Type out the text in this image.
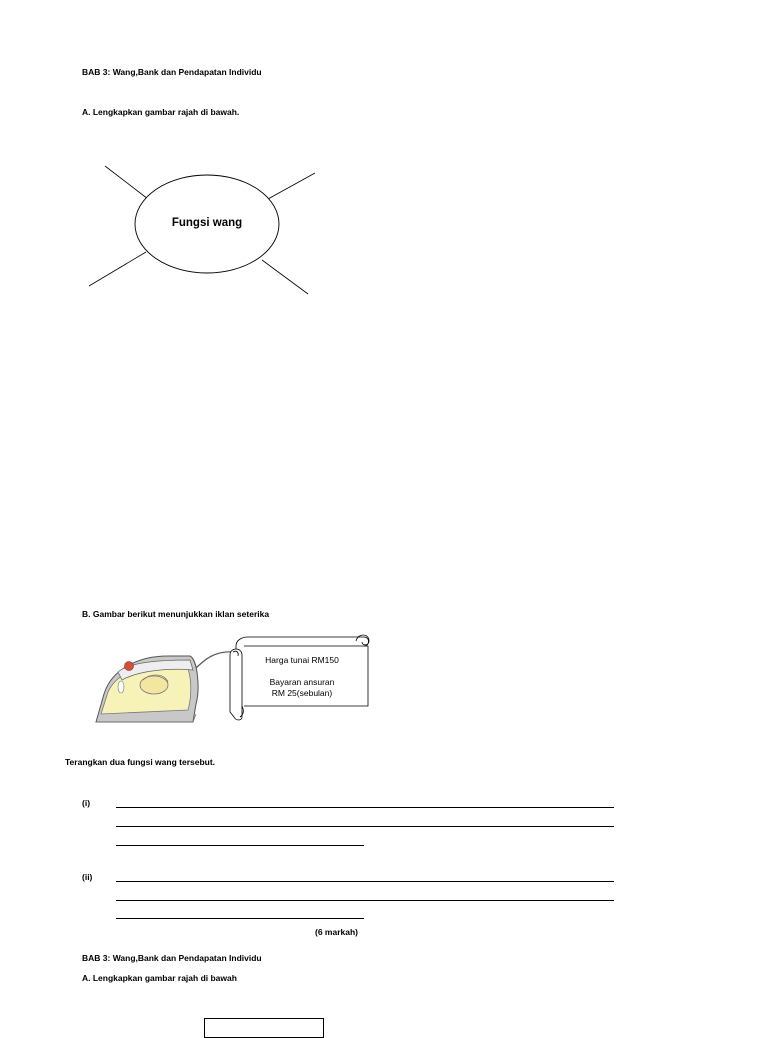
BAB 3: Wang,Bank dan Pendapatan Individu
A. Lengkapkan gambar rajah di bawah.
Fungsi wang
B. Gambar berikut menunjukkan iklan seterika
Harga tunai RM150
Bayaran ansuran
RM 25(sebulan)
Terangkan dua fungsi wang tersebut.
(i)
(ii)
(6 markah)
BAB 3: Wang,Bank dan Pendapatan Individu
A. Lengkapkan gambar rajah di bawah
